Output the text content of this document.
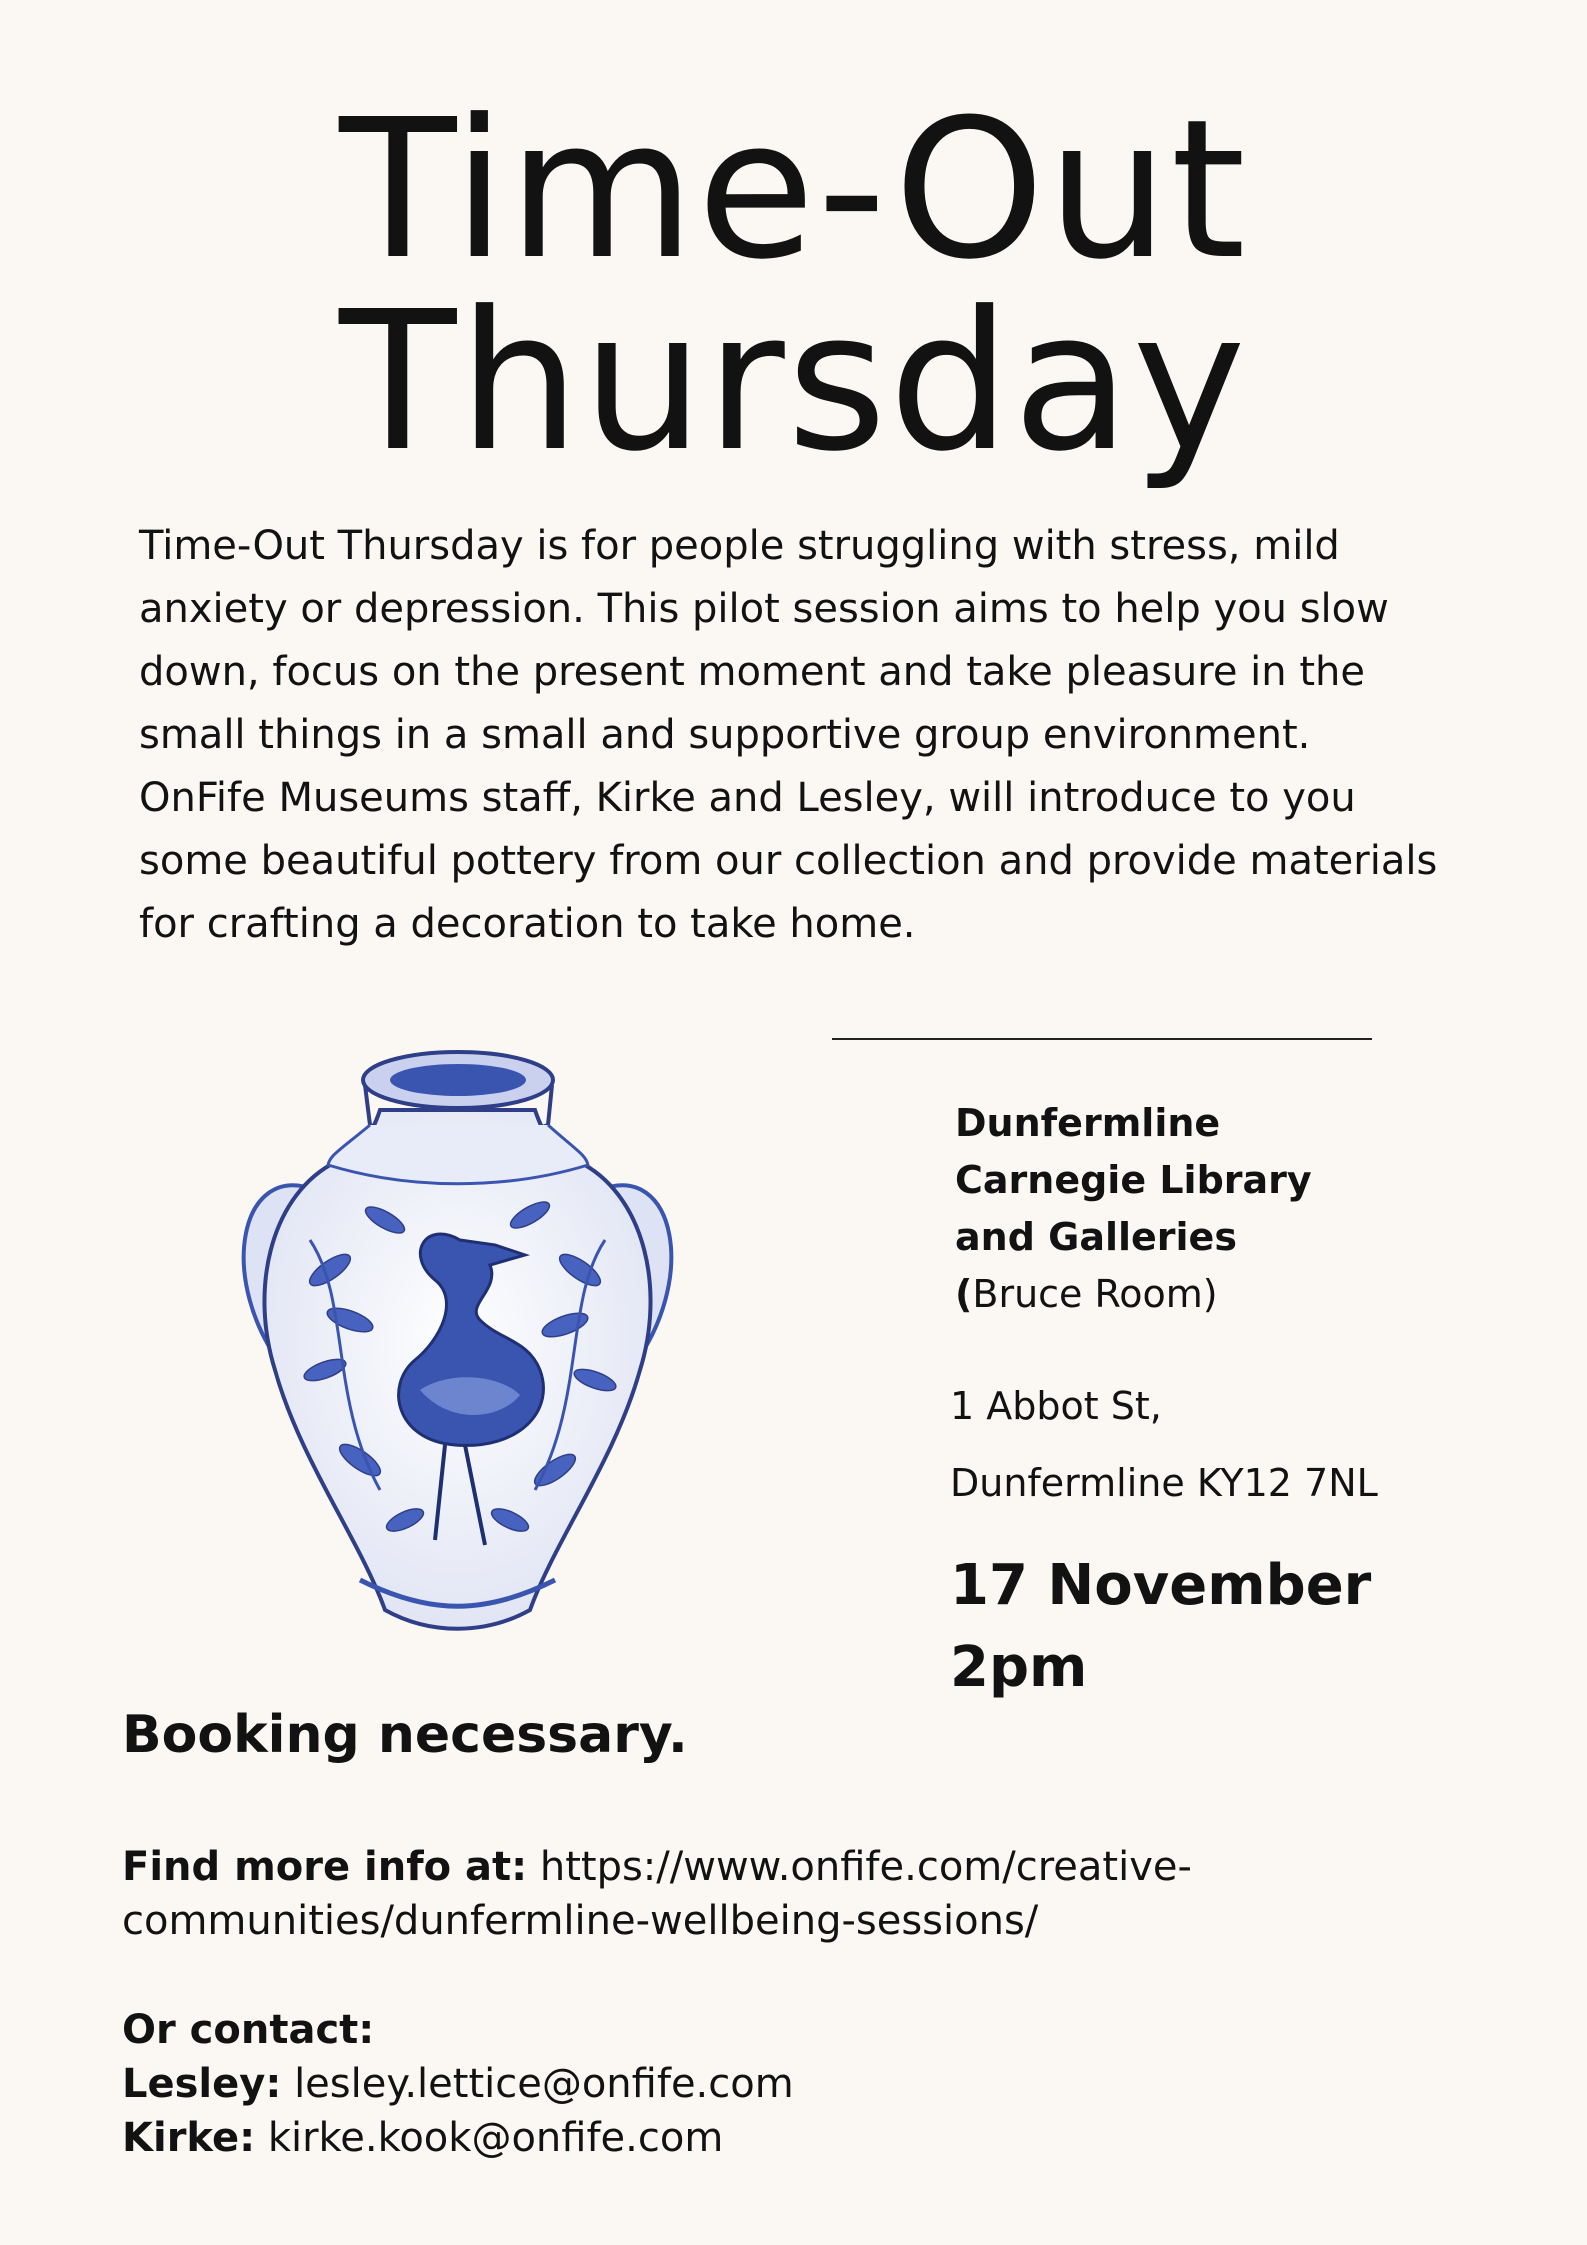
Time-Out
Thursday

Time-Out Thursday is for people struggling with stress, mild anxiety or depression. This pilot session aims to help you slow down, focus on the present moment and take pleasure in the small things in a small and supportive group environment. OnFife Museums staff, Kirke and Lesley, will introduce to you some beautiful pottery from our collection and provide materials for crafting a decoration to take home.

Dunfermline
Carnegie Library
and Galleries
(Bruce Room)
1 Abbot St,
Dunfermline KY12 7NL
17 November
2pm
Booking necessary.
Find more info at: https://www.onfife.com/creative-communities/dunfermline-wellbeing-sessions/
Or contact:
Lesley: lesley.lettice@onfife.com
Kirke: kirke.kook@onfife.com
